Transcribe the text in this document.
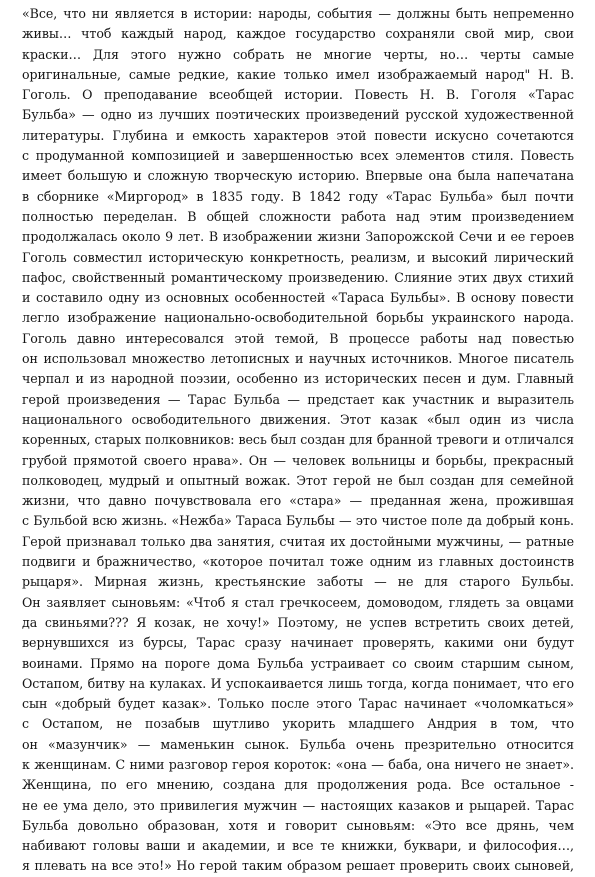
«Все, что ни является в истории: народы, события — должны быть непременно
живы… чтоб каждый народ, каждое государство сохраняли свой мир, свои
краски… Для этого нужно собрать не многие черты, но… черты самые
оригинальные, самые редкие, какие только имел изображаемый народ" Н. В.
Гоголь. О преподавание всеобщей истории. Повесть Н. В. Гоголя «Тарас
Бульба» — одно из лучших поэтических произведений русской художественной
литературы. Глубина и емкость характеров этой повести искусно сочетаются
с продуманной композицией и завершенностью всех элементов стиля. Повесть
имеет большую и сложную творческую историю. Впервые она была напечатана
в сборнике «Миргород» в 1835 году. В 1842 году «Тарас Бульба» был почти
полностью переделан. В общей сложности работа над этим произведением
продолжалась около 9 лет. В изображении жизни Запорожской Сечи и ее героев
Гоголь совместил историческую конкретность, реализм, и высокий лирический
пафос, свойственный романтическому произведению. Слияние этих двух стихий
и составило одну из основных особенностей «Тараса Бульбы». В основу повести
легло изображение национально-освободительной борьбы украинского народа.
Гоголь давно интересовался этой темой, В процессе работы над повестью
он использовал множество летописных и научных источников. Многое писатель
черпал и из народной поэзии, особенно из исторических песен и дум. Главный
герой произведения — Тарас Бульба — предстает как участник и выразитель
национального освободительного движения. Этот казак «был один из числа
коренных, старых полковников: весь был создан для бранной тревоги и отличался
грубой прямотой своего нрава». Он — человек вольницы и борьбы, прекрасный
полководец, мудрый и опытный вожак. Этот герой не был создан для семейной
жизни, что давно почувствовала его «стара» — преданная жена, прожившая
с Бульбой всю жизнь. «Нежба» Тараса Бульбы — это чистое поле да добрый конь.
Герой признавал только два занятия, считая их достойными мужчины, — ратные
подвиги и бражничество, «которое почитал тоже одним из главных достоинств
рыцаря». Мирная жизнь, крестьянские заботы — не для старого Бульбы.
Он заявляет сыновьям: «Чтоб я стал гречкосеем, домоводом, глядеть за овцами
да свиньями??? Я козак, не хочу!» Поэтому, не успев встретить своих детей,
вернувшихся из бурсы, Тарас сразу начинает проверять, какими они будут
воинами. Прямо на пороге дома Бульба устраивает со своим старшим сыном,
Остапом, битву на кулаках. И успокаивается лишь тогда, когда понимает, что его
сын «добрый будет казак». Только после этого Тарас начинает «чоломкаться»
с Остапом, не позабыв шутливо укорить младшего Андрия в том, что
он «мазунчик» — маменькин сынок. Бульба очень презрительно относится
к женщинам. С ними разговор героя короток: «она — баба, она ничего не знает».
Женщина, по его мнению, создана для продолжения рода. Все остальное -
не ее ума дело, это привилегия мужчин — настоящих казаков и рыцарей. Тарас
Бульба довольно образован, хотя и говорит сыновьям: «Это все дрянь, чем
набивают головы ваши и академии, и все те книжки, буквари, и философия…,
я плевать на все это!» Но герой таким образом решает проверить своих сыновей,
